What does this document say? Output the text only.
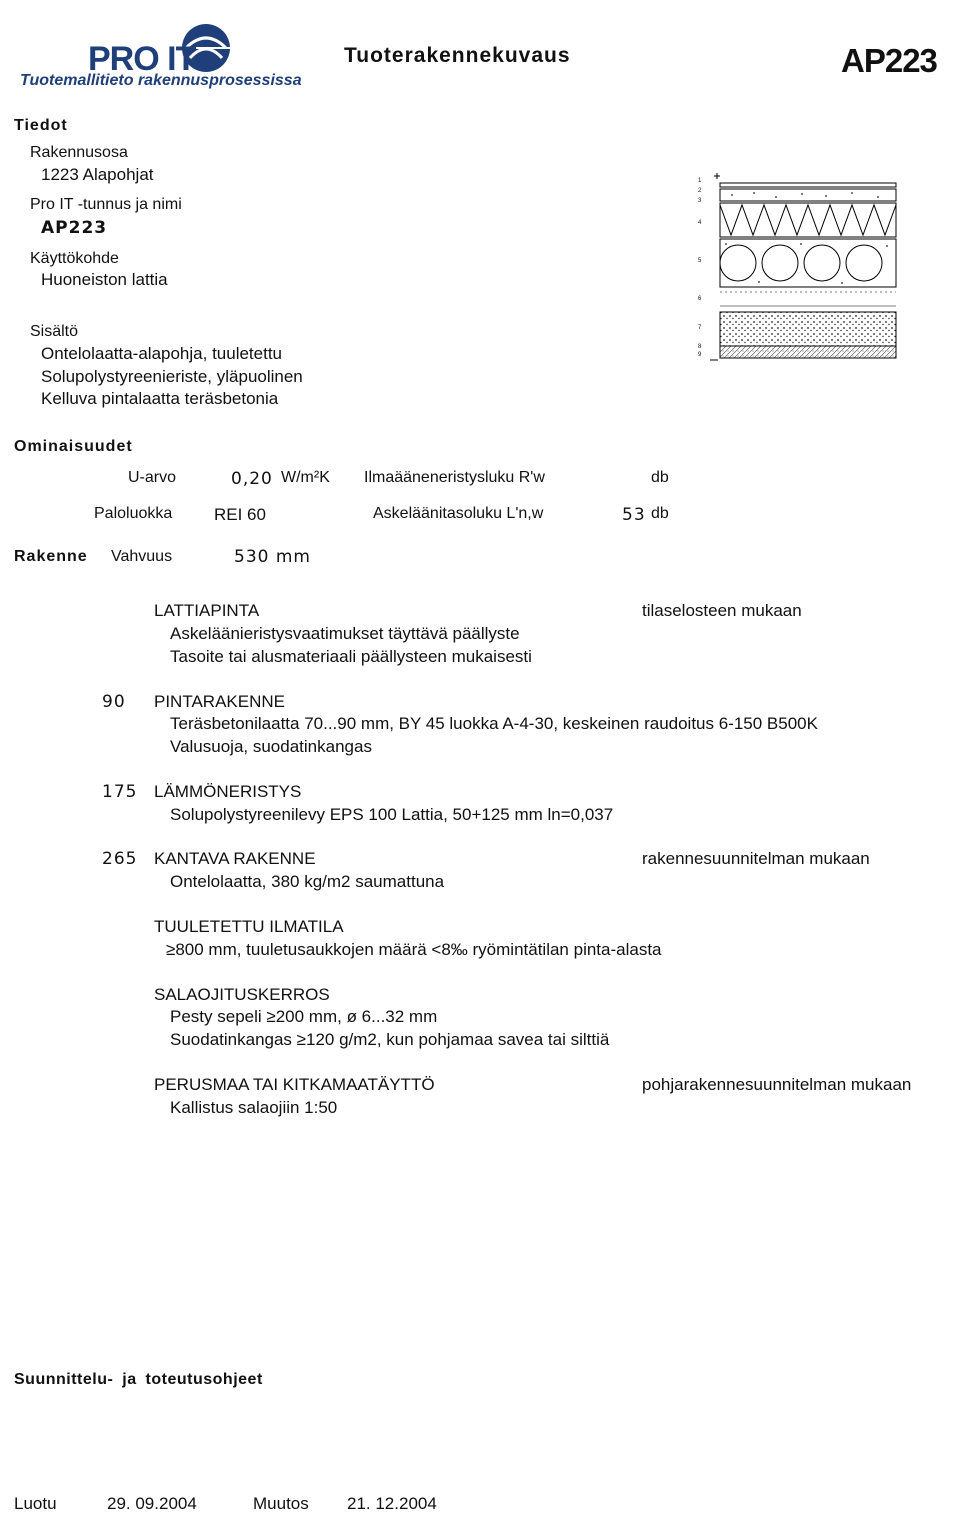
PRO IT
Tuotemallitieto rakennusprosessissa
Tuoterakennekuvaus	AP223
Tiedot
Rakennusosa
1223 Alapohjat
Pro IT -tunnus ja nimi
AP223
Käyttökohde
Huoneiston lattia
Sisältö
Ontelolaatta-alapohja, tuuletettu
Solupolystyreenieriste, yläpuolinen
Kelluva pintalaatta teräsbetonia
1
2
3
4
5
6
7
8
9
Ominaisuudet
U-arvo	0,20 W/m²K Ilmaääneneristysluku R'w	db
Paloluokka REI 60	Askeläänitasoluku L'n,w	53 db
Rakenne Vahvuus	530 mm
LATTIAPINTA	tilaselosteen mukaan
Askeläänieristysvaatimukset täyttävä päällyste
Tasoite tai alusmateriaali päällysteen mukaisesti
90 PINTARAKENNE
Teräsbetonilaatta 70...90 mm, BY 45 luokka A-4-30, keskeinen raudoitus 6-150 B500K
Valusuoja, suodatinkangas
175 LÄMMÖNERISTYS
Solupolystyreenilevy EPS 100 Lattia, 50+125 mm ln=0,037
265 KANTAVA RAKENNE	rakennesuunnitelman mukaan
Ontelolaatta, 380 kg/m2 saumattuna
TUULETETTU ILMATILA
≥800 mm, tuuletusaukkojen määrä <8‰ ryömintätilan pinta-alasta
SALAOJITUSKERROS
Pesty sepeli ≥200 mm, ø 6...32 mm
Suodatinkangas ≥120 g/m2, kun pohjamaa savea tai silttiä
PERUSMAA TAI KITKAMAATÄYTTÖ	pohjarakennesuunnitelman mukaan
Kallistus salaojiin 1:50
Suunnittelu- ja toteutusohjeet
Luotu	29. 09.2004	Muutos 21. 12.2004
